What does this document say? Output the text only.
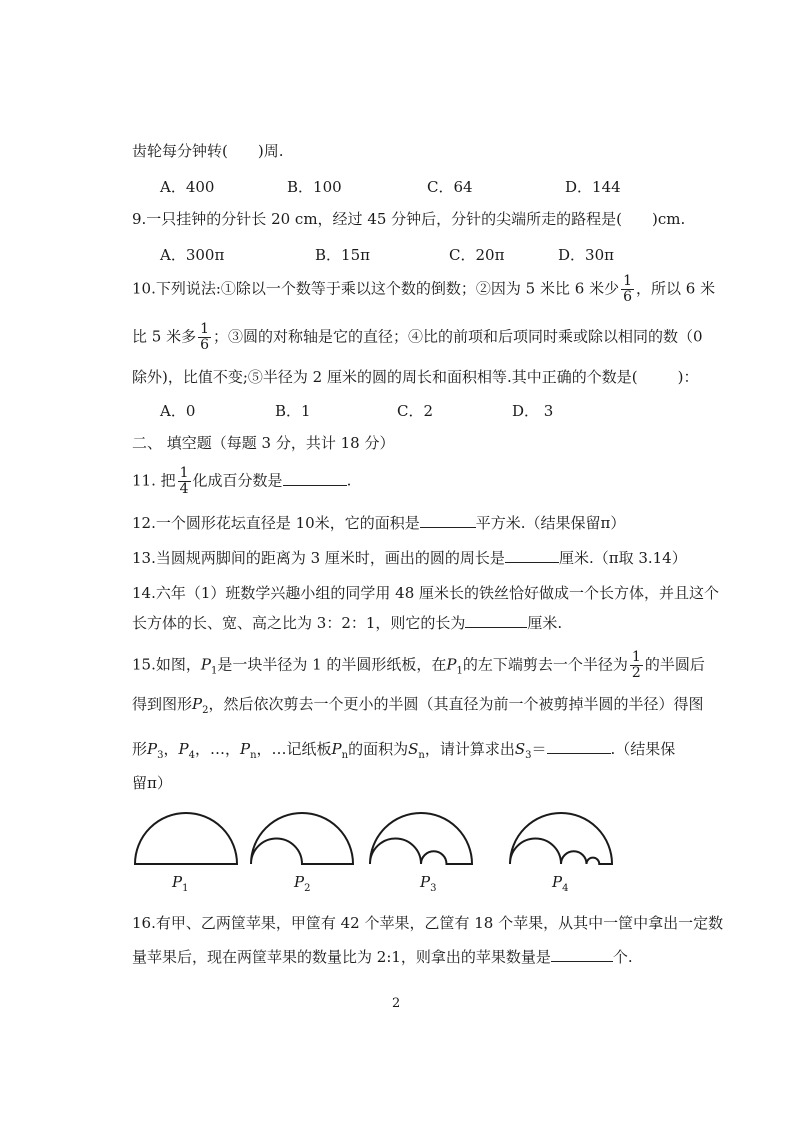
齿轮每分钟转( )周.
A．400	B．100	C．64	D．144
9.一只挂钟的分针长 20 cm，经过 45 分钟后，分针的尖端所走的路程是( )cm.
A．300π	B．15π	C．20π	D．30π
10.下列说法:①除以一个数等于乘以这个数的倒数；②因为 5 米比 6 米少 $\frac{1}{6}$ ，所以 6 米
比 5 米多 $\frac{1}{6}$ ；③圆的对称轴是它的直径；④比的前项和后项同时乘或除以相同的数（0
除外)，比值不变;⑤半径为 2 厘米的圆的周长和面积相等.其中正确的个数是(	)：
A．0	B．1	C．2	D． 3
二、 填空题（每题 3 分，共计 18 分）
11. 把 $\frac{1}{4}$ 化成百分数是	.
12.一个圆形花坛直径是 10米，它的面积是	平方米.（结果保留π）
13.当圆规两脚间的距离为 3 厘米时，画出的圆的周长是	厘米.（π取 3.14）
14.六年（1）班数学兴趣小组的同学用 48 厘米长的铁丝恰好做成一个长方体，并且这个
长方体的长、宽、高之比为 3：2：1，则它的长为	厘米.
15.如图，$P_1$是一块半径为 1 的半圆形纸板，在$P_1$的左下端剪去一个半径为 $\frac{1}{2}$ 的半圆后
得到图形$P_2$，然后依次剪去一个更小的半圆（其直径为前一个被剪掉半圆的半径）得图
形$P_3$，$P_4$，…，$P_n$，…记纸板$P_n$的面积为$S_n$，请计算求出$S_3=$	.（结果保
留π）
$P_1$	$P_2$	$P_3$	$P_4$
16.有甲、乙两筐苹果，甲筐有 42 个苹果，乙筐有 18 个苹果，从其中一筐中拿出一定数
量苹果后，现在两筐苹果的数量比为 2:1，则拿出的苹果数量是	个.
2
